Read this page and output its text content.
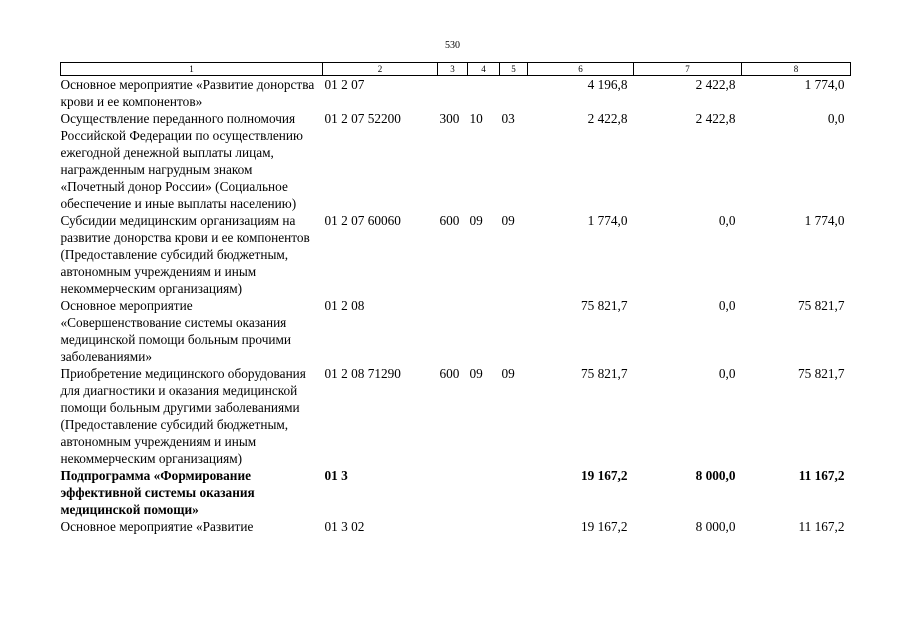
530
1	2	3	4	5	6	7	8
Основное мероприятие «Развитие донорства крови и ее компонентов»	01 2 07				4 196,8	2 422,8	1 774,0
Осуществление переданного полномочия Российской Федерации по осуществлению ежегодной денежной выплаты лицам, награжденным нагрудным знаком «Почетный донор России» (Социальное обеспечение и иные выплаты населению)	01 2 07 52200	300	10	03	2 422,8	2 422,8	0,0
Субсидии медицинским организациям на развитие донорства крови и ее компонентов (Предоставление субсидий бюджетным, автономным учреждениям и иным некоммерческим организациям)	01 2 07 60060	600	09	09	1 774,0	0,0	1 774,0
Основное мероприятие «Совершенствование системы оказания медицинской помощи больным прочими заболеваниями»	01 2 08				75 821,7	0,0	75 821,7
Приобретение медицинского оборудования для диагностики и оказания медицинской помощи больным другими заболеваниями (Предоставление субсидий бюджетным, автономным учреждениям и иным некоммерческим организациям)	01 2 08 71290	600	09	09	75 821,7	0,0	75 821,7
Подпрограмма «Формирование эффективной системы оказания медицинской помощи»	01 3				19 167,2	8 000,0	11 167,2
Основное мероприятие «Развитие	01 3 02				19 167,2	8 000,0	11 167,2
